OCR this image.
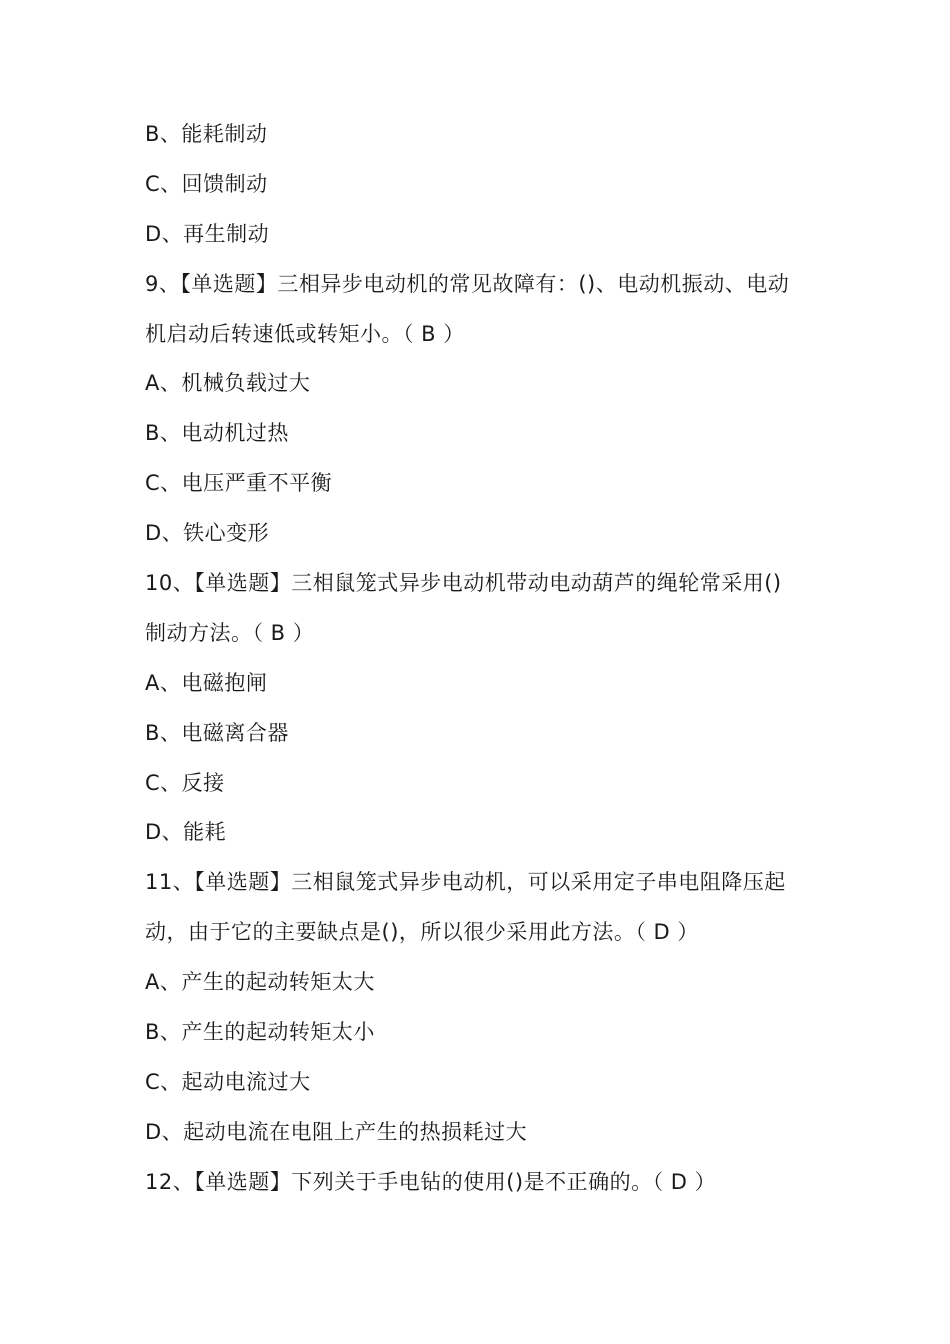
B、能耗制动
C、回馈制动
D、再生制动
9、【单选题】三相异步电动机的常见故障有：()、电动机振动、电动
机启动后转速低或转矩小。（ B ）
A、机械负载过大
B、电动机过热
C、电压严重不平衡
D、铁心变形
10、【单选题】三相鼠笼式异步电动机带动电动葫芦的绳轮常采用()
制动方法。（ B ）
A、电磁抱闸
B、电磁离合器
C、反接
D、能耗
11、【单选题】三相鼠笼式异步电动机，可以采用定子串电阻降压起
动，由于它的主要缺点是()，所以很少采用此方法。（ D ）
A、产生的起动转矩太大
B、产生的起动转矩太小
C、起动电流过大
D、起动电流在电阻上产生的热损耗过大
12、【单选题】下列关于手电钻的使用()是不正确的。（ D ）
